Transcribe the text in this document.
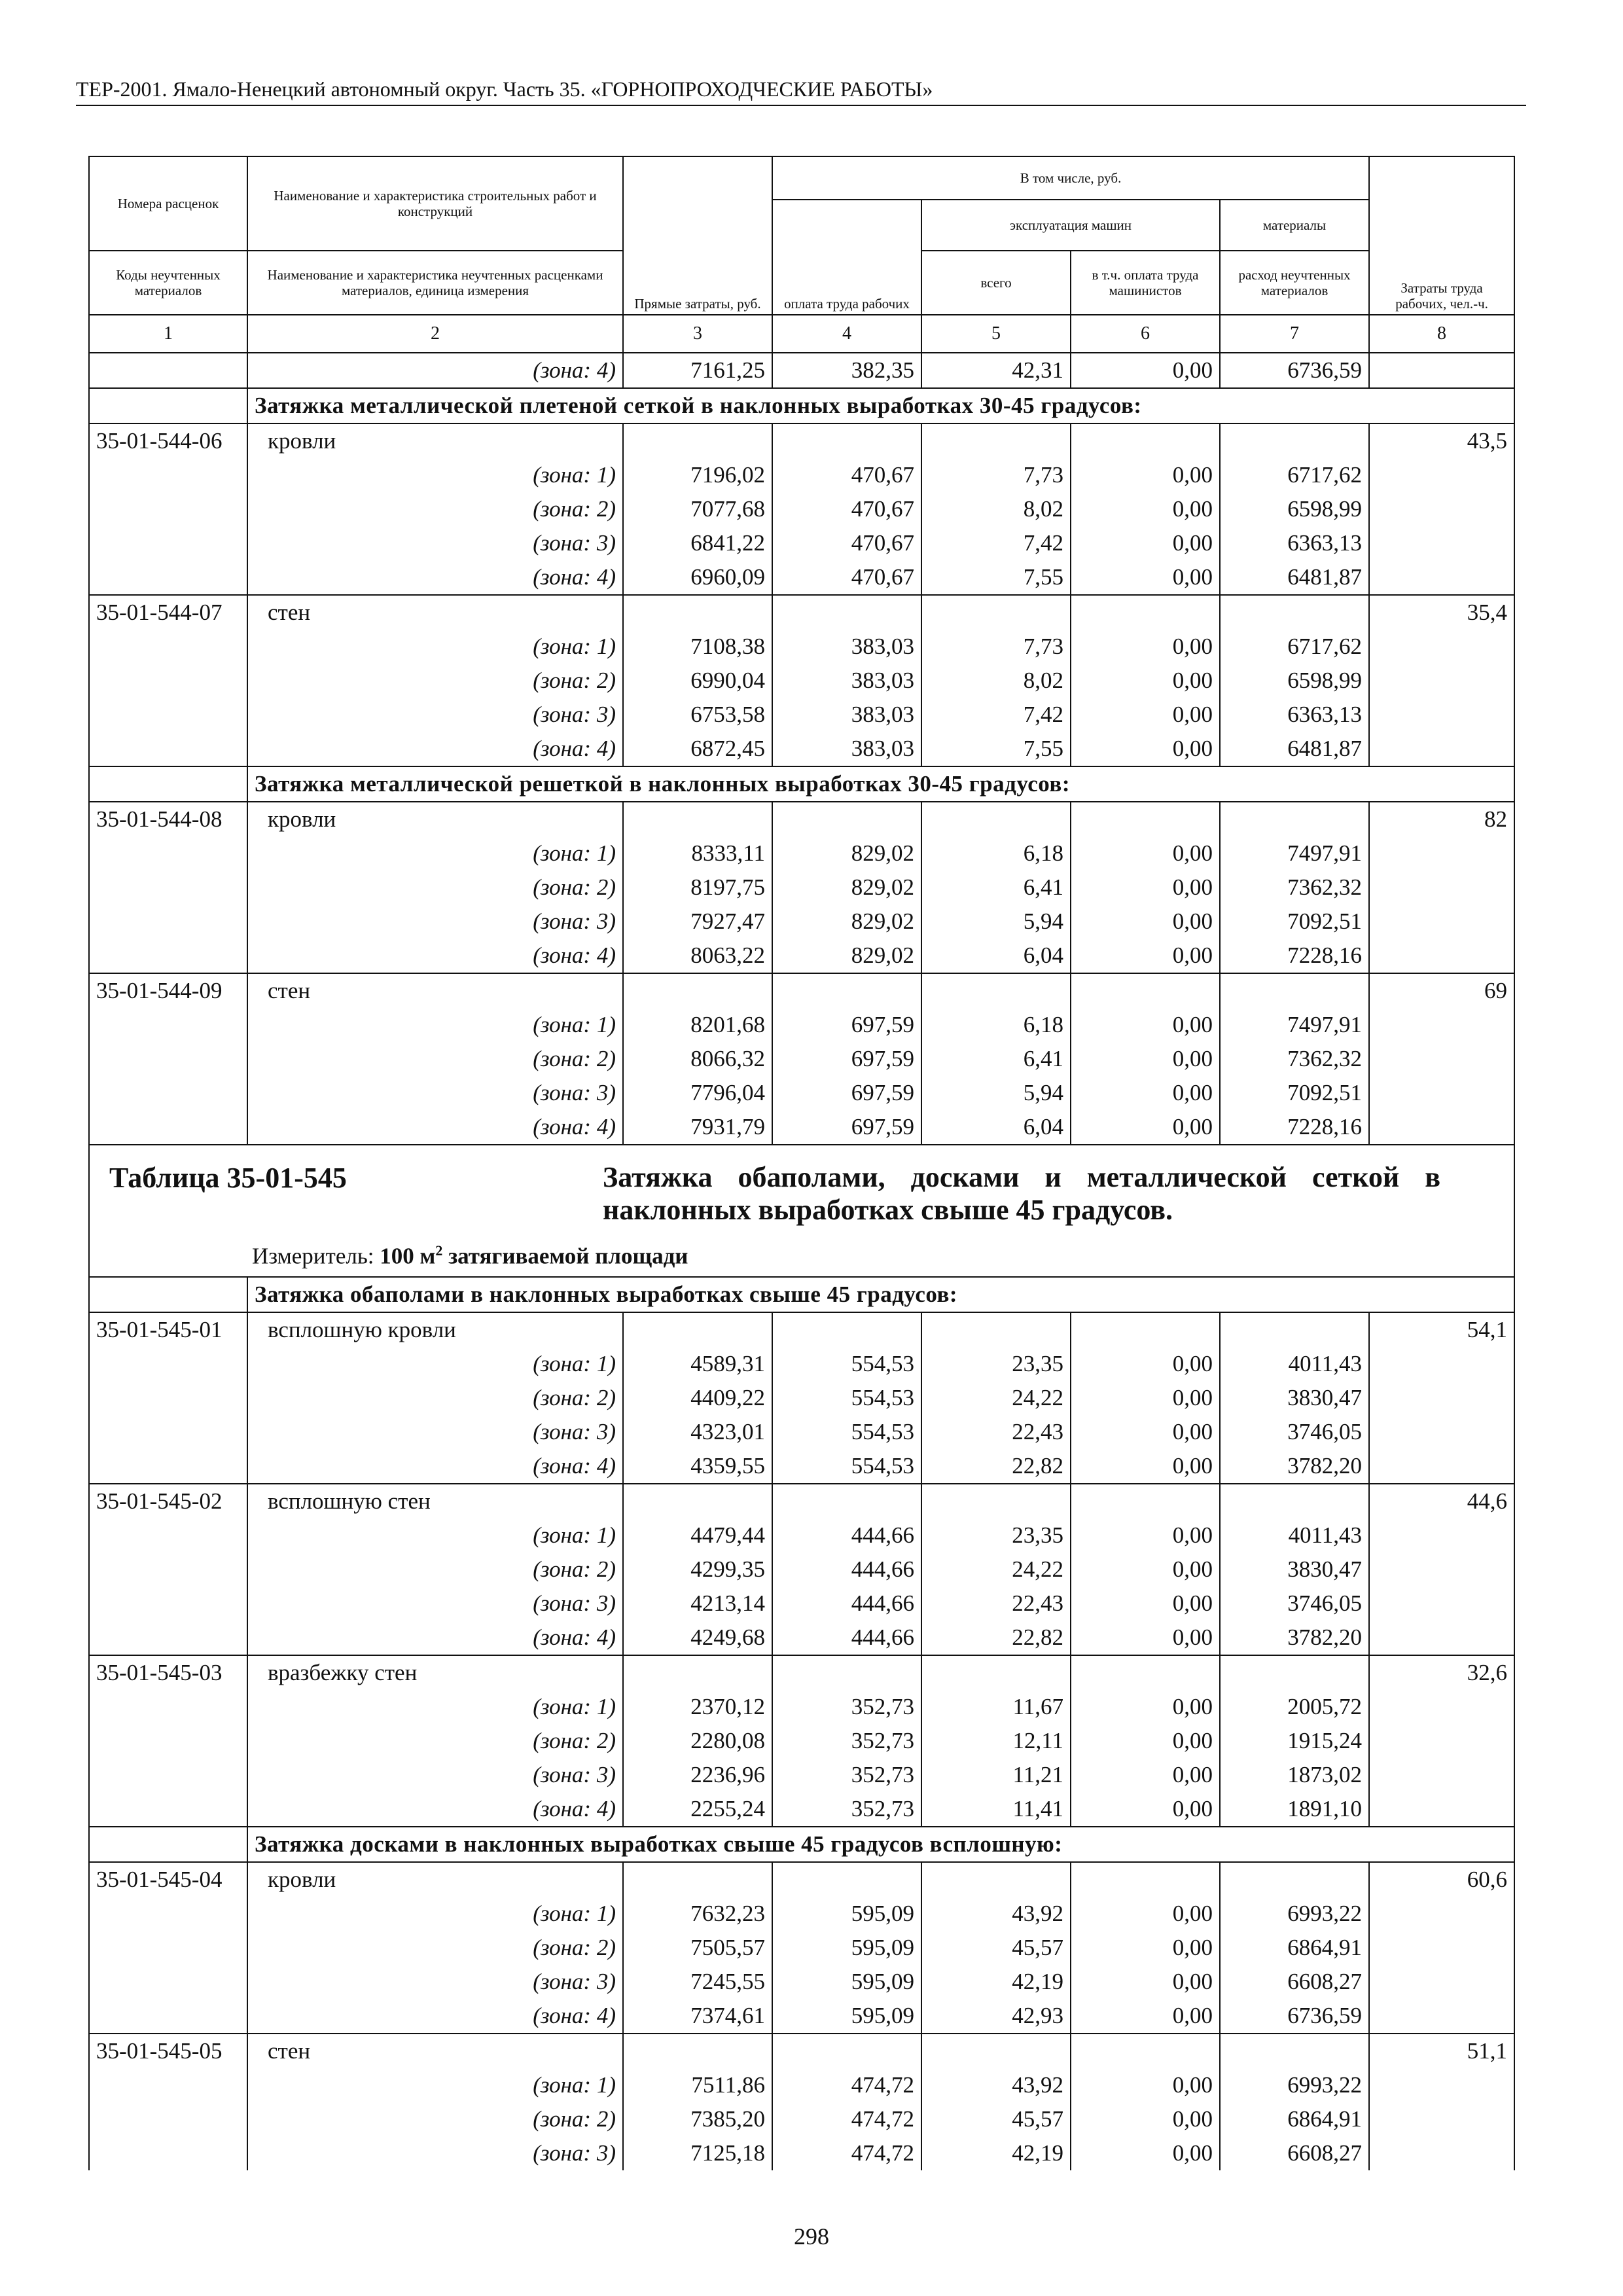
ТЕР-2001. Ямало-Ненецкий автономный округ. Часть 35. «ГОРНОПРОХОДЧЕСКИЕ РАБОТЫ»
Номера расценок	Наименование и характеристика строительных работ и конструкций	Прямые затраты, руб.	В том числе, руб.				Затраты труда рабочих, чел.-ч.
			оплата труда рабочих	эксплуатация машин		материалы	
Коды неучтенных материалов	Наименование и характеристика неучтенных расценками материалов, единица измерения			всего	в т.ч. оплата труда машинистов	расход неучтенных материалов	
1	2	3	4	5	6	7	8
	(зона: 4)	7161,25	382,35	42,31	0,00	6736,59	
	Затяжка металлической плетеной сеткой в наклонных выработках 30-45 градусов:						
35-01-544-06	кровли						43,5
	(зона: 1)	7196,02	470,67	7,73	0,00	6717,62	
	(зона: 2)	7077,68	470,67	8,02	0,00	6598,99	
	(зона: 3)	6841,22	470,67	7,42	0,00	6363,13	
	(зона: 4)	6960,09	470,67	7,55	0,00	6481,87	
35-01-544-07	стен						35,4
	(зона: 1)	7108,38	383,03	7,73	0,00	6717,62	
	(зона: 2)	6990,04	383,03	8,02	0,00	6598,99	
	(зона: 3)	6753,58	383,03	7,42	0,00	6363,13	
	(зона: 4)	6872,45	383,03	7,55	0,00	6481,87	
	Затяжка металлической решеткой в наклонных выработках 30-45 градусов:						
35-01-544-08	кровли						82
	(зона: 1)	8333,11	829,02	6,18	0,00	7497,91	
	(зона: 2)	8197,75	829,02	6,41	0,00	7362,32	
	(зона: 3)	7927,47	829,02	5,94	0,00	7092,51	
	(зона: 4)	8063,22	829,02	6,04	0,00	7228,16	
35-01-544-09	стен						69
	(зона: 1)	8201,68	697,59	6,18	0,00	7497,91	
	(зона: 2)	8066,32	697,59	6,41	0,00	7362,32	
	(зона: 3)	7796,04	697,59	5,94	0,00	7092,51	
	(зона: 4)	7931,79	697,59	6,04	0,00	7228,16	

Таблица 35-01-545 Затяжка обаполами, досками и металлической сеткой в наклонных выработках свыше 45 градусов.
Измеритель: 100 $м^2$ затягиваемой площади							

	Затяжка обаполами в наклонных выработках свыше 45 градусов:						
35-01-545-01	всплошную кровли						54,1
	(зона: 1)	4589,31	554,53	23,35	0,00	4011,43	
	(зона: 2)	4409,22	554,53	24,22	0,00	3830,47	
	(зона: 3)	4323,01	554,53	22,43	0,00	3746,05	
	(зона: 4)	4359,55	554,53	22,82	0,00	3782,20	
35-01-545-02	всплошную стен						44,6
	(зона: 1)	4479,44	444,66	23,35	0,00	4011,43	
	(зона: 2)	4299,35	444,66	24,22	0,00	3830,47	
	(зона: 3)	4213,14	444,66	22,43	0,00	3746,05	
	(зона: 4)	4249,68	444,66	22,82	0,00	3782,20	
35-01-545-03	вразбежку стен						32,6
	(зона: 1)	2370,12	352,73	11,67	0,00	2005,72	
	(зона: 2)	2280,08	352,73	12,11	0,00	1915,24	
	(зона: 3)	2236,96	352,73	11,21	0,00	1873,02	
	(зона: 4)	2255,24	352,73	11,41	0,00	1891,10	
	Затяжка досками в наклонных выработках свыше 45 градусов всплошную:						
35-01-545-04	кровли						60,6
	(зона: 1)	7632,23	595,09	43,92	0,00	6993,22	
	(зона: 2)	7505,57	595,09	45,57	0,00	6864,91	
	(зона: 3)	7245,55	595,09	42,19	0,00	6608,27	
	(зона: 4)	7374,61	595,09	42,93	0,00	6736,59	
35-01-545-05	стен						51,1
	(зона: 1)	7511,86	474,72	43,92	0,00	6993,22	
	(зона: 2)	7385,20	474,72	45,57	0,00	6864,91	
	(зона: 3)	7125,18	474,72	42,19	0,00	6608,27	
298
